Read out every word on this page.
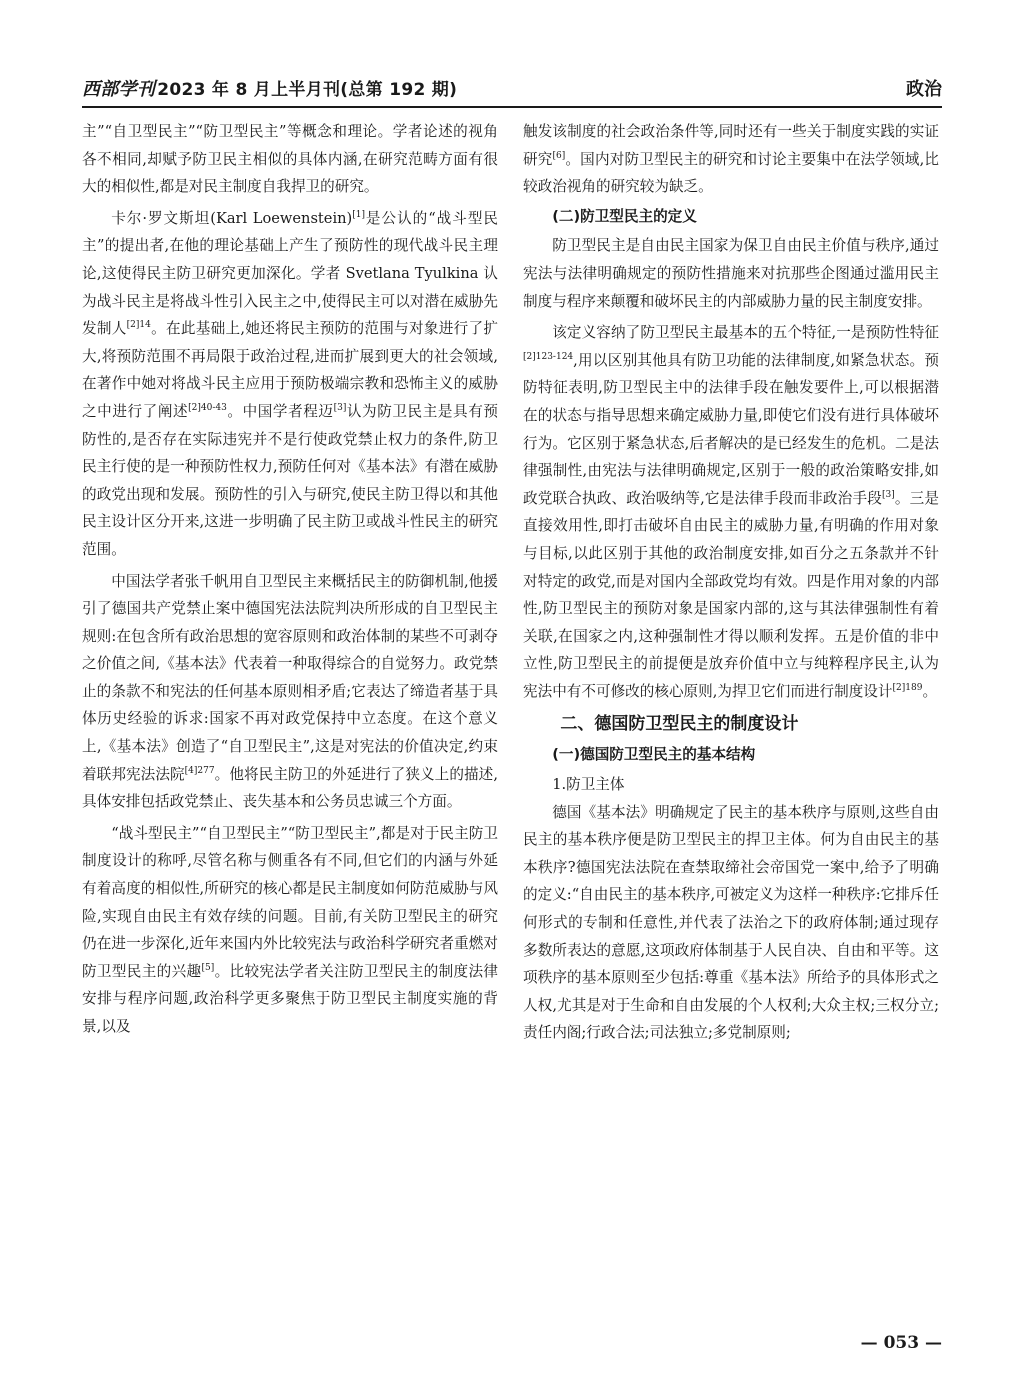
西部学刊 2023 年 8 月上半月刊(总第 192 期)	政治

主”“自卫型民主”“防卫型民主”等概念和理论。学者论述的视角各不相同,却赋予防卫民主相似的具体内涵,在研究范畴方面有很大的相似性,都是对民主制度自我捍卫的研究。

卡尔·罗文斯坦(Karl Loewenstein)[1]是公认的“战斗型民主”的提出者,在他的理论基础上产生了预防性的现代战斗民主理论,这使得民主防卫研究更加深化。学者 Svetlana Tyulkina 认为战斗民主是将战斗性引入民主之中,使得民主可以对潜在威胁先发制人$^{[2]14}$。在此基础上,她还将民主预防的范围与对象进行了扩大,将预防范围不再局限于政治过程,进而扩展到更大的社会领域,在著作中她对将战斗民主应用于预防极端宗教和恐怖主义的威胁之中进行了阐述$^{[2]40-43}$。中国学者程迈[3]认为防卫民主是具有预防性的,是否存在实际违宪并不是行使政党禁止权力的条件,防卫民主行使的是一种预防性权力,预防任何对《基本法》有潜在威胁的政党出现和发展。预防性的引入与研究,使民主防卫得以和其他民主设计区分开来,这进一步明确了民主防卫或战斗性民主的研究范围。

中国法学者张千帆用自卫型民主来概括民主的防御机制,他援引了德国共产党禁止案中德国宪法法院判决所形成的自卫型民主规则:在包含所有政治思想的宽容原则和政治体制的某些不可剥夺之价值之间,《基本法》代表着一种取得综合的自觉努力。政党禁止的条款不和宪法的任何基本原则相矛盾;它表达了缔造者基于具体历史经验的诉求:国家不再对政党保持中立态度。在这个意义上,《基本法》创造了“自卫型民主”,这是对宪法的价值决定,约束着联邦宪法法院$^{[4]277}$。他将民主防卫的外延进行了狭义上的描述,具体安排包括政党禁止、丧失基本和公务员忠诚三个方面。

“战斗型民主”“自卫型民主”“防卫型民主”,都是对于民主防卫制度设计的称呼,尽管名称与侧重各有不同,但它们的内涵与外延有着高度的相似性,所研究的核心都是民主制度如何防范威胁与风险,实现自由民主有效存续的问题。目前,有关防卫型民主的研究仍在进一步深化,近年来国内外比较宪法与政治科学研究者重燃对防卫型民主的兴趣[5]。比较宪法学者关注防卫型民主的制度法律安排与程序问题,政治科学更多聚焦于防卫型民主制度实施的背景,以及

触发该制度的社会政治条件等,同时还有一些关于制度实践的实证研究[6]。国内对防卫型民主的研究和讨论主要集中在法学领域,比较政治视角的研究较为缺乏。

(二)防卫型民主的定义

防卫型民主是自由民主国家为保卫自由民主价值与秩序,通过宪法与法律明确规定的预防性措施来对抗那些企图通过滥用民主制度与程序来颠覆和破坏民主的内部威胁力量的民主制度安排。

该定义容纳了防卫型民主最基本的五个特征,一是预防性特征$^{[2]123-124}$,用以区别其他具有防卫功能的法律制度,如紧急状态。预防特征表明,防卫型民主中的法律手段在触发要件上,可以根据潜在的状态与指导思想来确定威胁力量,即使它们没有进行具体破坏行为。它区别于紧急状态,后者解决的是已经发生的危机。二是法律强制性,由宪法与法律明确规定,区别于一般的政治策略安排,如政党联合执政、政治吸纳等,它是法律手段而非政治手段[3]。三是直接效用性,即打击破坏自由民主的威胁力量,有明确的作用对象与目标,以此区别于其他的政治制度安排,如百分之五条款并不针对特定的政党,而是对国内全部政党均有效。四是作用对象的内部性,防卫型民主的预防对象是国家内部的,这与其法律强制性有着关联,在国家之内,这种强制性才得以顺利发挥。五是价值的非中立性,防卫型民主的前提便是放弃价值中立与纯粹程序民主,认为宪法中有不可修改的核心原则,为捍卫它们而进行制度设计$^{[2]189}$。

二、德国防卫型民主的制度设计
(一)德国防卫型民主的基本结构
1.防卫主体

德国《基本法》明确规定了民主的基本秩序与原则,这些自由民主的基本秩序便是防卫型民主的捍卫主体。何为自由民主的基本秩序?德国宪法法院在查禁取缔社会帝国党一案中,给予了明确的定义:“自由民主的基本秩序,可被定义为这样一种秩序:它排斥任何形式的专制和任意性,并代表了法治之下的政府体制;通过现存多数所表达的意愿,这项政府体制基于人民自决、自由和平等。这项秩序的基本原则至少包括:尊重《基本法》所给予的具体形式之人权,尤其是对于生命和自由发展的个人权利;大众主权;三权分立;责任内阁;行政合法;司法独立;多党制原则;

— 053 —
